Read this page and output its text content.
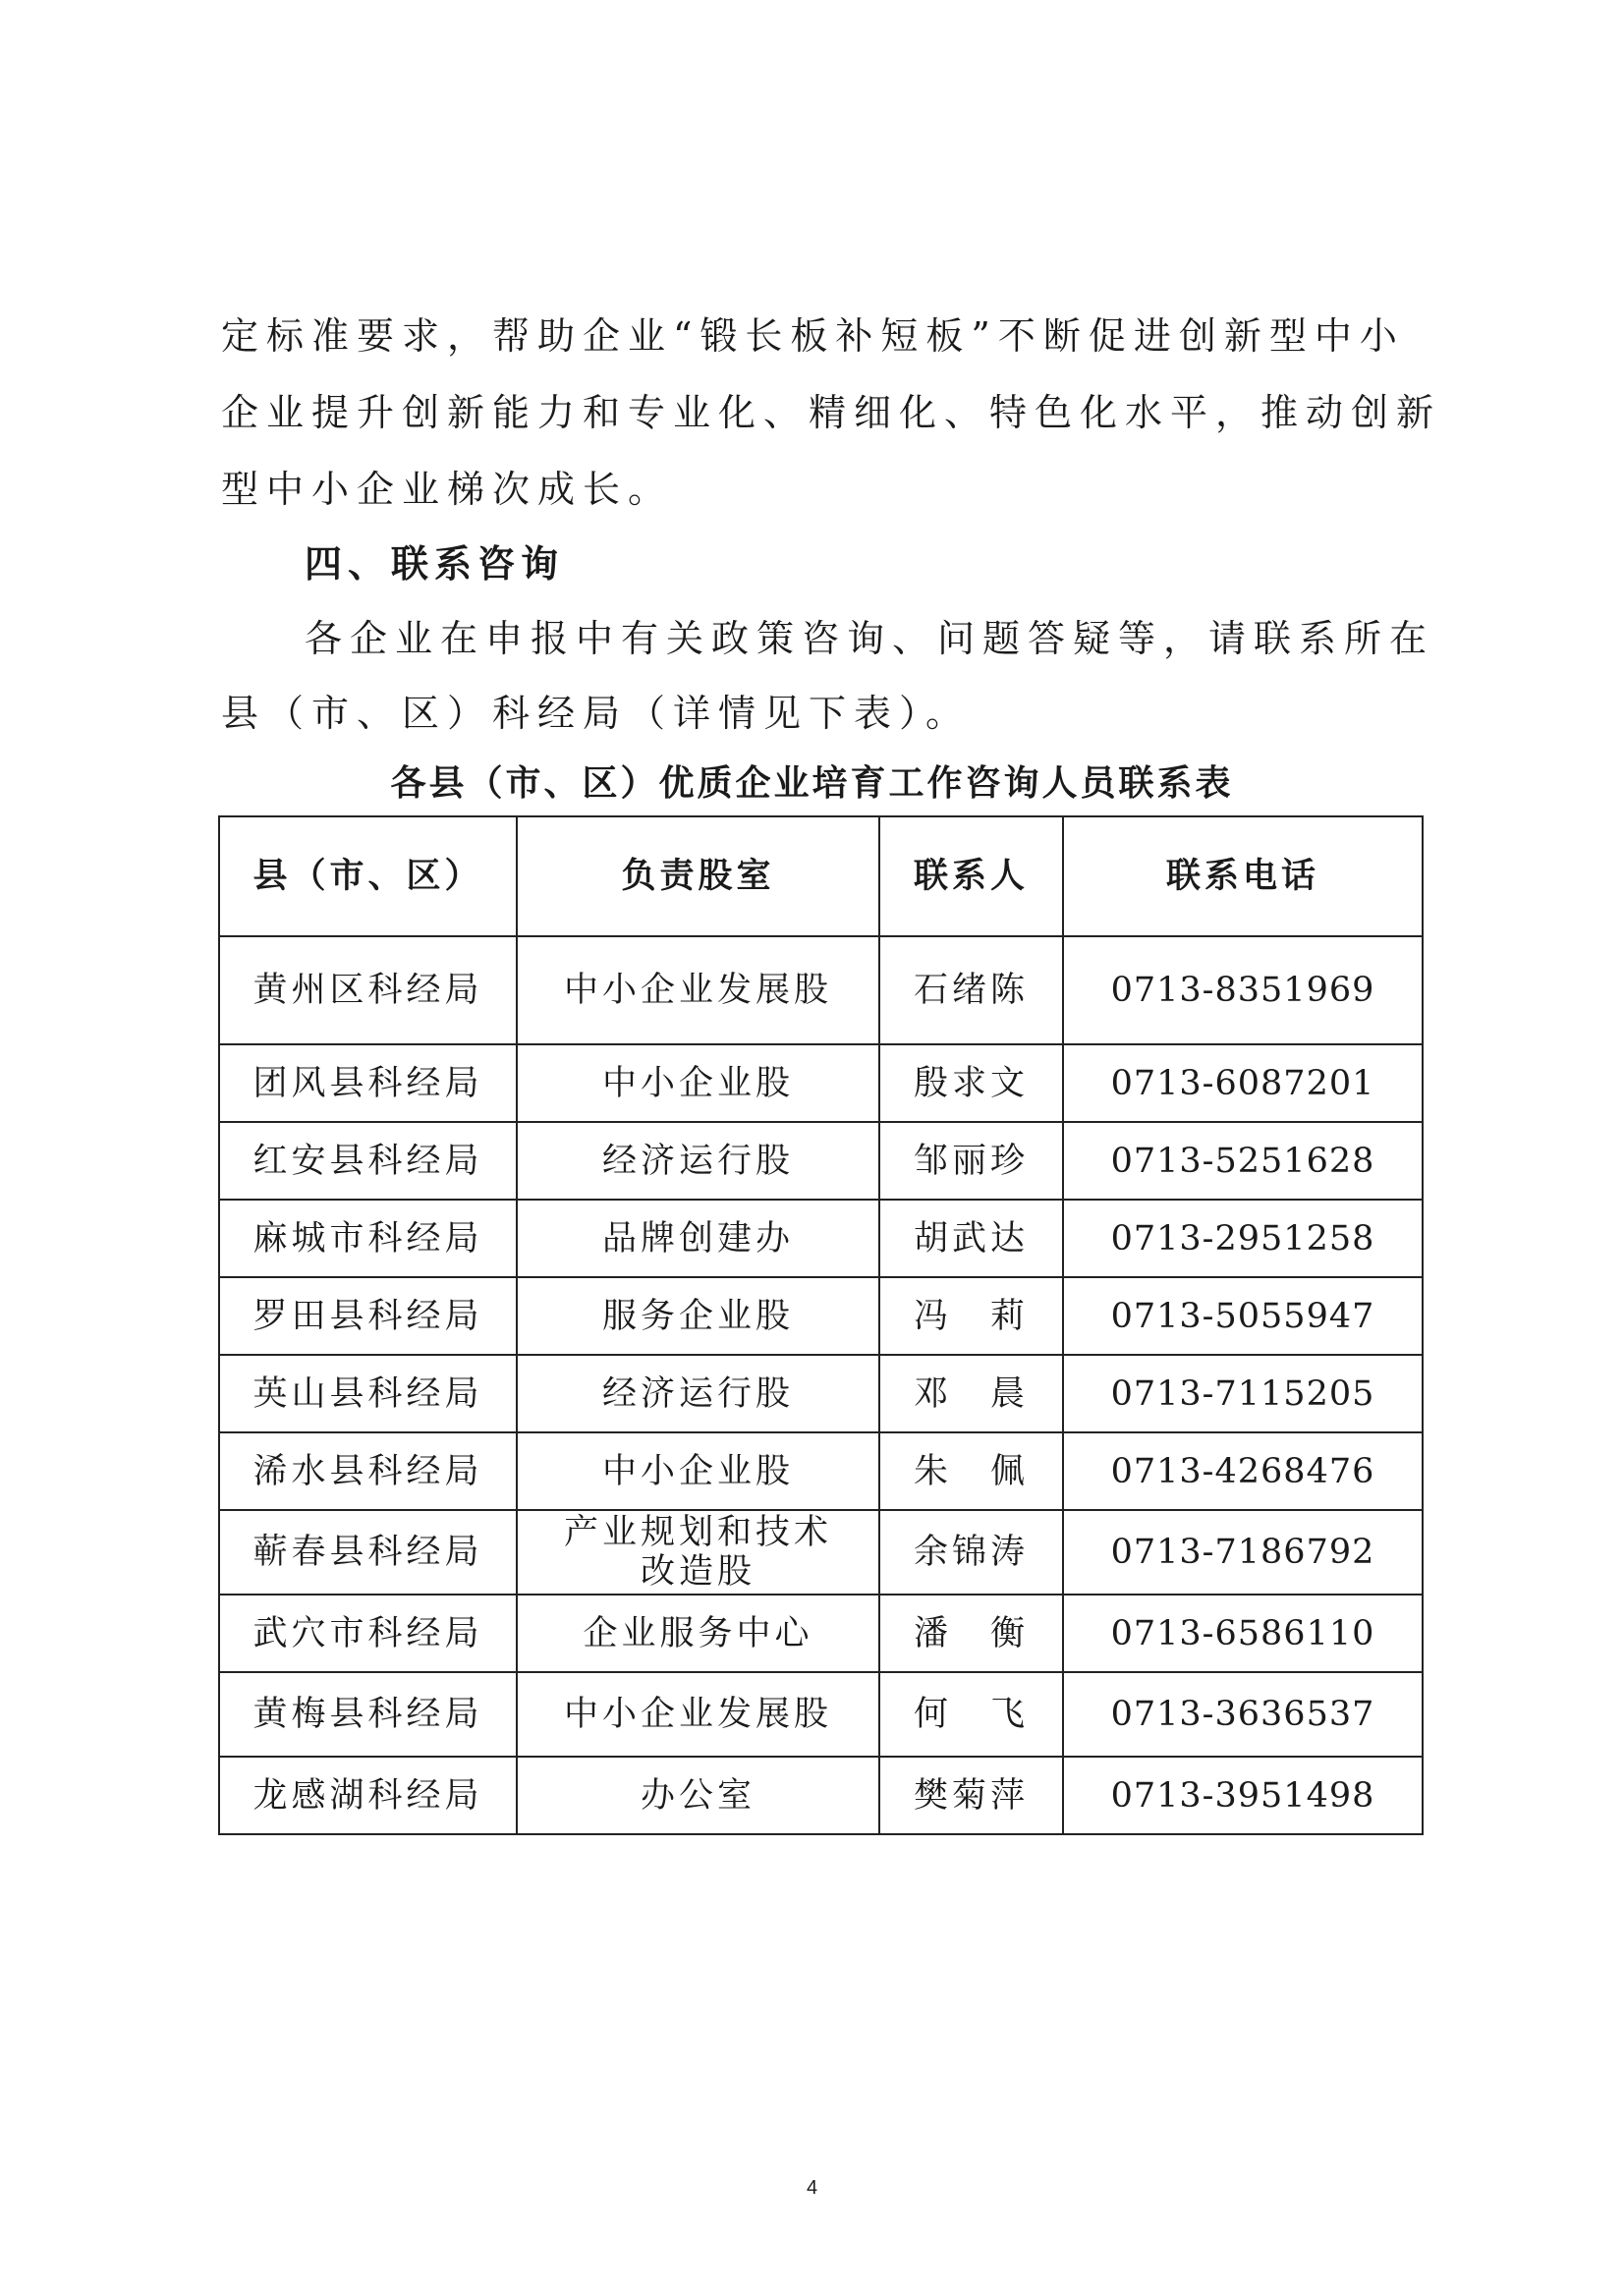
定标准要求，帮助企业“锻长板补短板”不断促进创新型中小
企业提升创新能力和专业化、精细化、特色化水平，推动创新
型中小企业梯次成长。
四、联系咨询
各企业在申报中有关政策咨询、问题答疑等，请联系所在
县（市、区）科经局（详情见下表）。
各县（市、区）优质企业培育工作咨询人员联系表
县（市、区）	负责股室	联系人	联系电话
黄州区科经局	中小企业发展股	石绪陈	0713-8351969
团风县科经局	中小企业股	殷求文	0713-6087201
红安县科经局	经济运行股	邹丽珍	0713-5251628
麻城市科经局	品牌创建办	胡武达	0713-2951258
罗田县科经局	服务企业股	冯　莉	0713-5055947
英山县科经局	经济运行股	邓　晨	0713-7115205
浠水县科经局	中小企业股	朱　佩	0713-4268476
蕲春县科经局	产业规划和技术改造股	余锦涛	0713-7186792
武穴市科经局	企业服务中心	潘　衡	0713-6586110
黄梅县科经局	中小企业发展股	何　飞	0713-3636537
龙感湖科经局	办公室	樊菊萍	0713-3951498
4
